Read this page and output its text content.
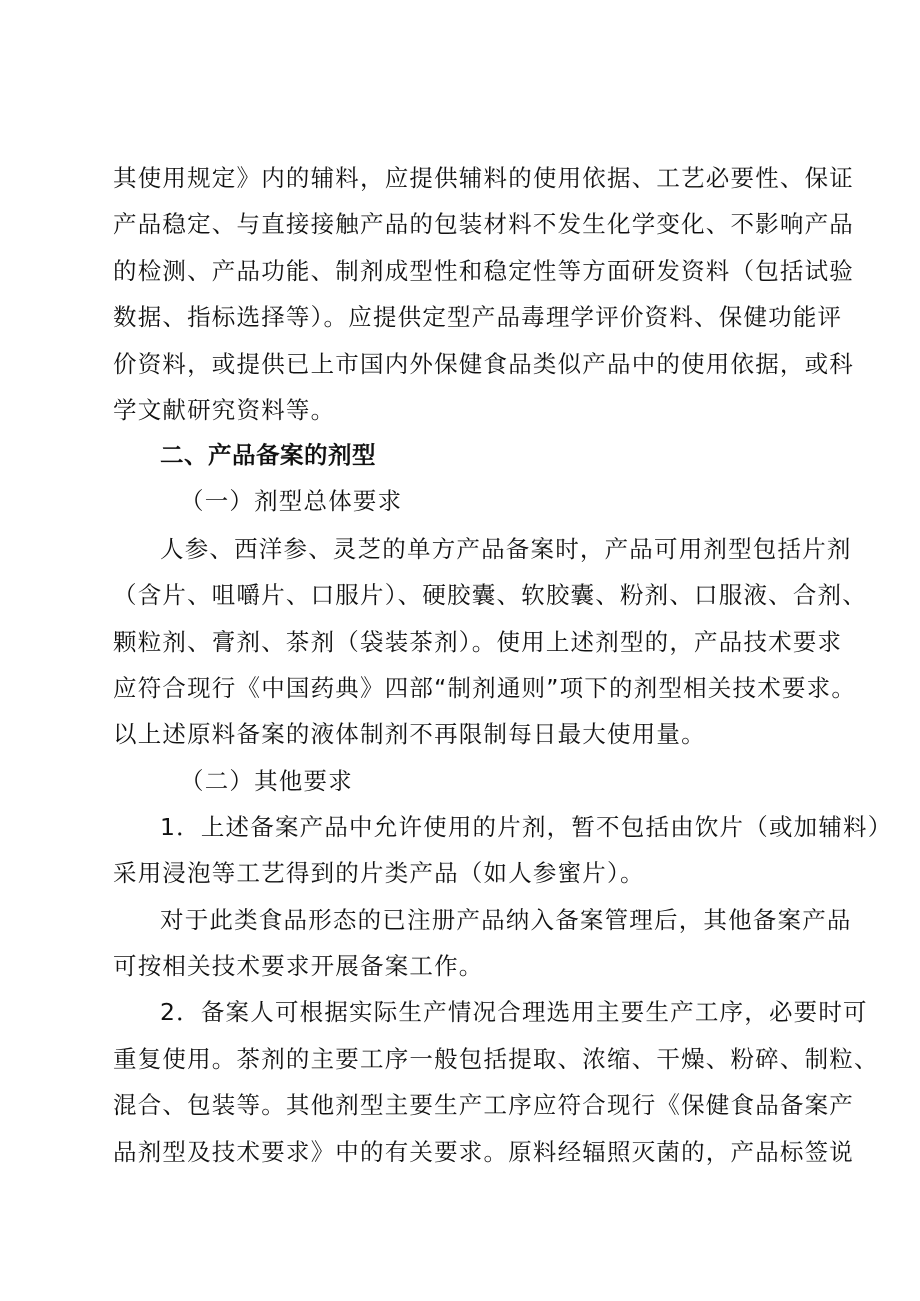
其使用规定》内的辅料，应提供辅料的使用依据、工艺必要性、保证
产品稳定、与直接接触产品的包装材料不发生化学变化、不影响产品
的检测、产品功能、制剂成型性和稳定性等方面研发资料（包括试验
数据、指标选择等）。应提供定型产品毒理学评价资料、保健功能评
价资料，或提供已上市国内外保健食品类似产品中的使用依据，或科
学文献研究资料等。
二、产品备案的剂型
（一）剂型总体要求
人参、西洋参、灵芝的单方产品备案时，产品可用剂型包括片剂
（含片、咀嚼片、口服片）、硬胶囊、软胶囊、粉剂、口服液、合剂、
颗粒剂、膏剂、茶剂（袋装茶剂）。使用上述剂型的，产品技术要求
应符合现行《中国药典》四部“制剂通则”项下的剂型相关技术要求。
以上述原料备案的液体制剂不再限制每日最大使用量。
（二）其他要求
1．上述备案产品中允许使用的片剂，暂不包括由饮片（或加辅料）
采用浸泡等工艺得到的片类产品（如人参蜜片）。
对于此类食品形态的已注册产品纳入备案管理后，其他备案产品
可按相关技术要求开展备案工作。
2．备案人可根据实际生产情况合理选用主要生产工序，必要时可
重复使用。茶剂的主要工序一般包括提取、浓缩、干燥、粉碎、制粒、
混合、包装等。其他剂型主要生产工序应符合现行《保健食品备案产
品剂型及技术要求》中的有关要求。原料经辐照灭菌的，产品标签说
